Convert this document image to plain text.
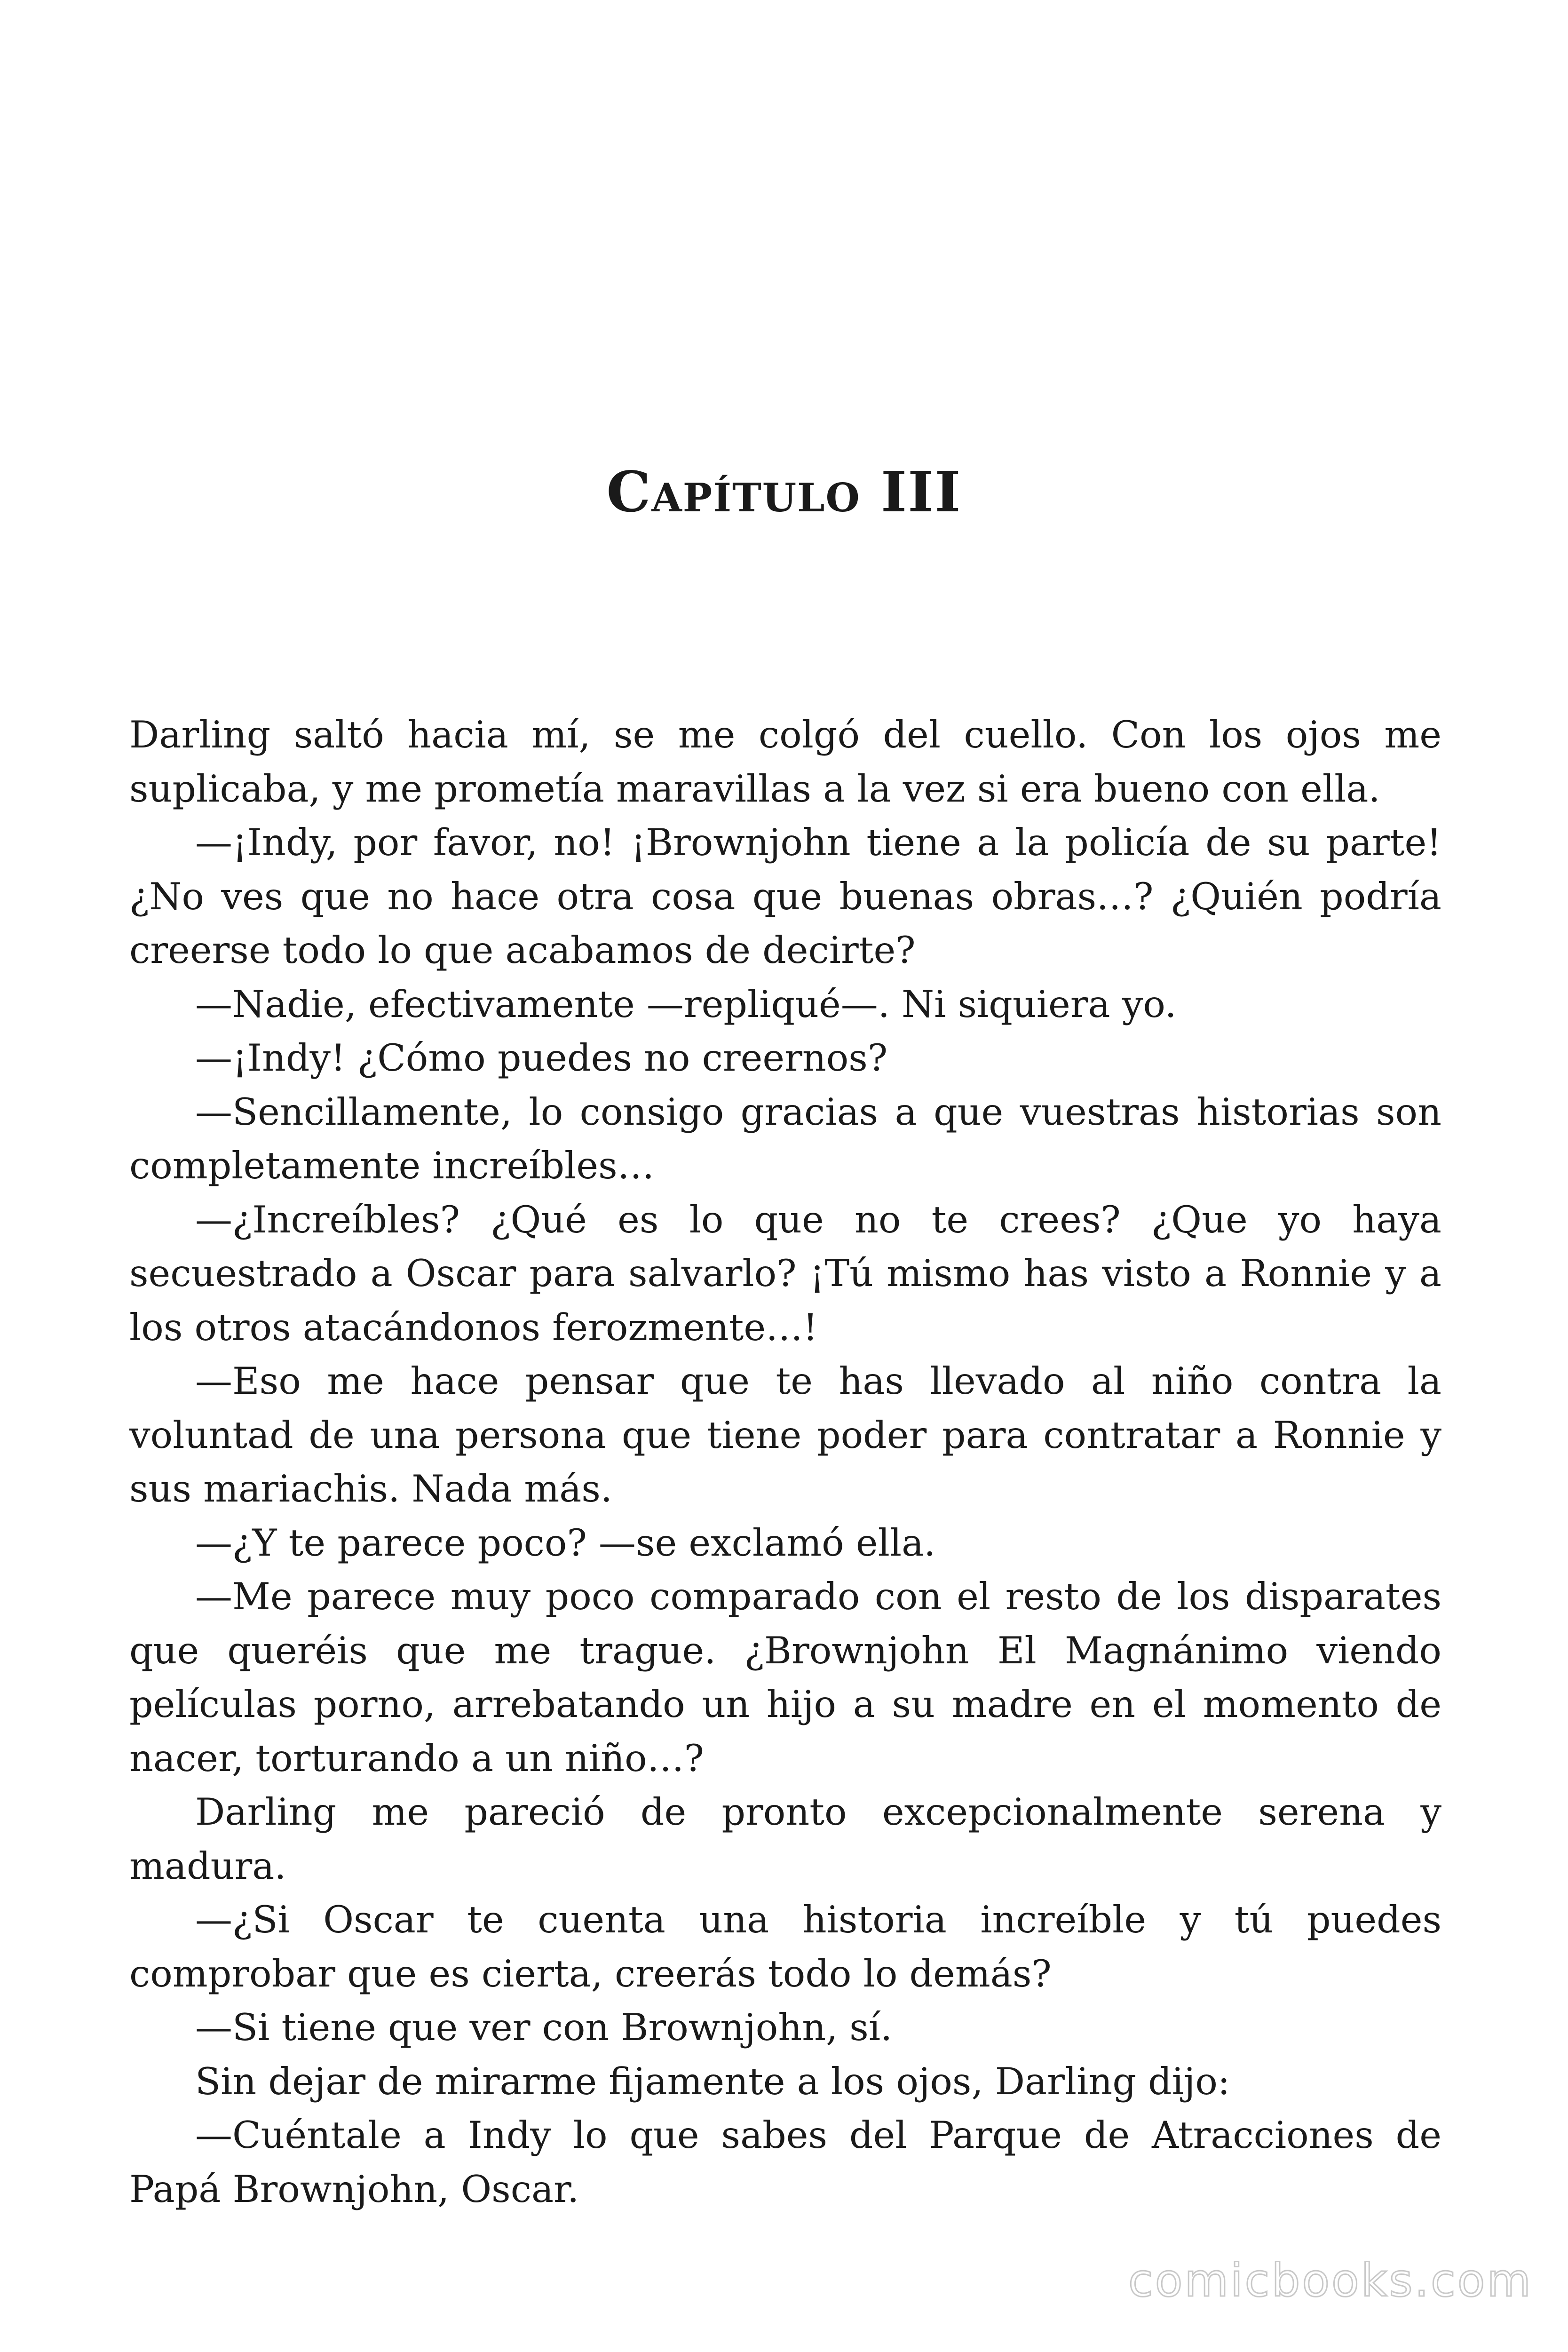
Capítulo III

Darling saltó hacia mí, se me colgó del cuello. Con los ojos me suplicaba, y me prometía maravillas a la vez si era bueno con ella.

—¡Indy, por favor, no! ¡Brownjohn tiene a la policía de su parte! ¿No ves que no hace otra cosa que buenas obras…? ¿Quién podría creerse todo lo que acabamos de decirte?

—Nadie, efectivamente —repliqué—. Ni siquiera yo.

—¡Indy! ¿Cómo puedes no creernos?

—Sencillamente, lo consigo gracias a que vuestras historias son completamente increíbles…

—¿Increíbles? ¿Qué es lo que no te crees? ¿Que yo haya secuestrado a Oscar para salvarlo? ¡Tú mismo has visto a Ronnie y a los otros atacándonos ferozmente…!

—Eso me hace pensar que te has llevado al niño contra la voluntad de una persona que tiene poder para contratar a Ronnie y sus mariachis. Nada más.

—¿Y te parece poco? —se exclamó ella.

—Me parece muy poco comparado con el resto de los disparates que queréis que me trague. ¿Brownjohn El Magnánimo viendo películas porno, arrebatando un hijo a su madre en el momento de nacer, torturando a un niño…?

Darling me pareció de pronto excepcionalmente serena y madura.

—¿Si Oscar te cuenta una historia increíble y tú puedes comprobar que es cierta, creerás todo lo demás?

—Si tiene que ver con Brownjohn, sí.

Sin dejar de mirarme fijamente a los ojos, Darling dijo:

—Cuéntale a Indy lo que sabes del Parque de Atracciones de Papá Brownjohn, Oscar.

comicbooks.com
